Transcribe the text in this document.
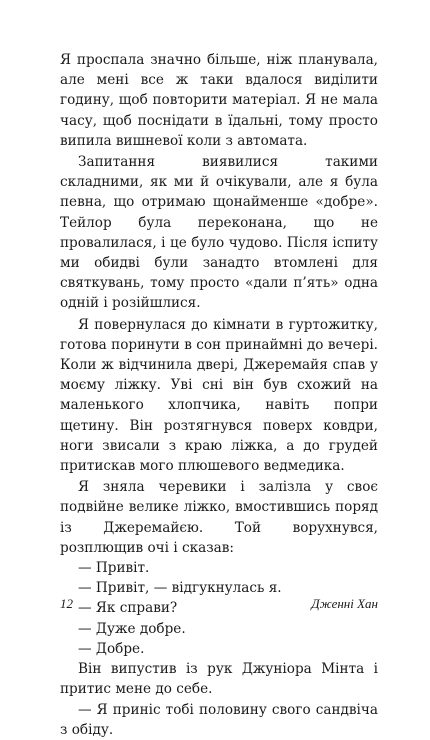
Я проспала значно більше, ніж планувала, але мені все ж таки вдалося виділити годину, щоб повторити матеріал. Я не мала часу, щоб поснідати в їдальні, тому просто випила вишневої коли з автомата.

Запитання виявилися такими складними, як ми й очікували, але я була певна, що отримаю щонайменше «добре». Тейлор була переконана, що не провалилася, і це було чудово. Після іспиту ми обидві були занадто втомлені для святкувань, тому просто «дали п’ять» одна одній і розійшлися.

Я повернулася до кімнати в гуртожитку, готова поринути в сон принаймні до вечері. Коли ж відчинила двері, Джеремайя спав у моєму ліжку. Уві сні він був схожий на маленького хлопчика, навіть попри щетину. Він розтягнувся поверх ковдри, ноги звисали з краю ліжка, а до грудей притискав мого плюшевого ведмедика.

Я зняла черевики і залізла у своє подвійне велике ліжко, вмостившись поряд із Джеремайєю. Той ворухнувся, розплющив очі і сказав:

— Привіт.

— Привіт, — відгукнулась я.

— Як справи?

— Дуже добре.

— Добре.

Він випустив із рук Джуніора Мінта і притис мене до себе.

— Я приніс тобі половину свого сандвіча з обіду.

12	Дженні Хан
